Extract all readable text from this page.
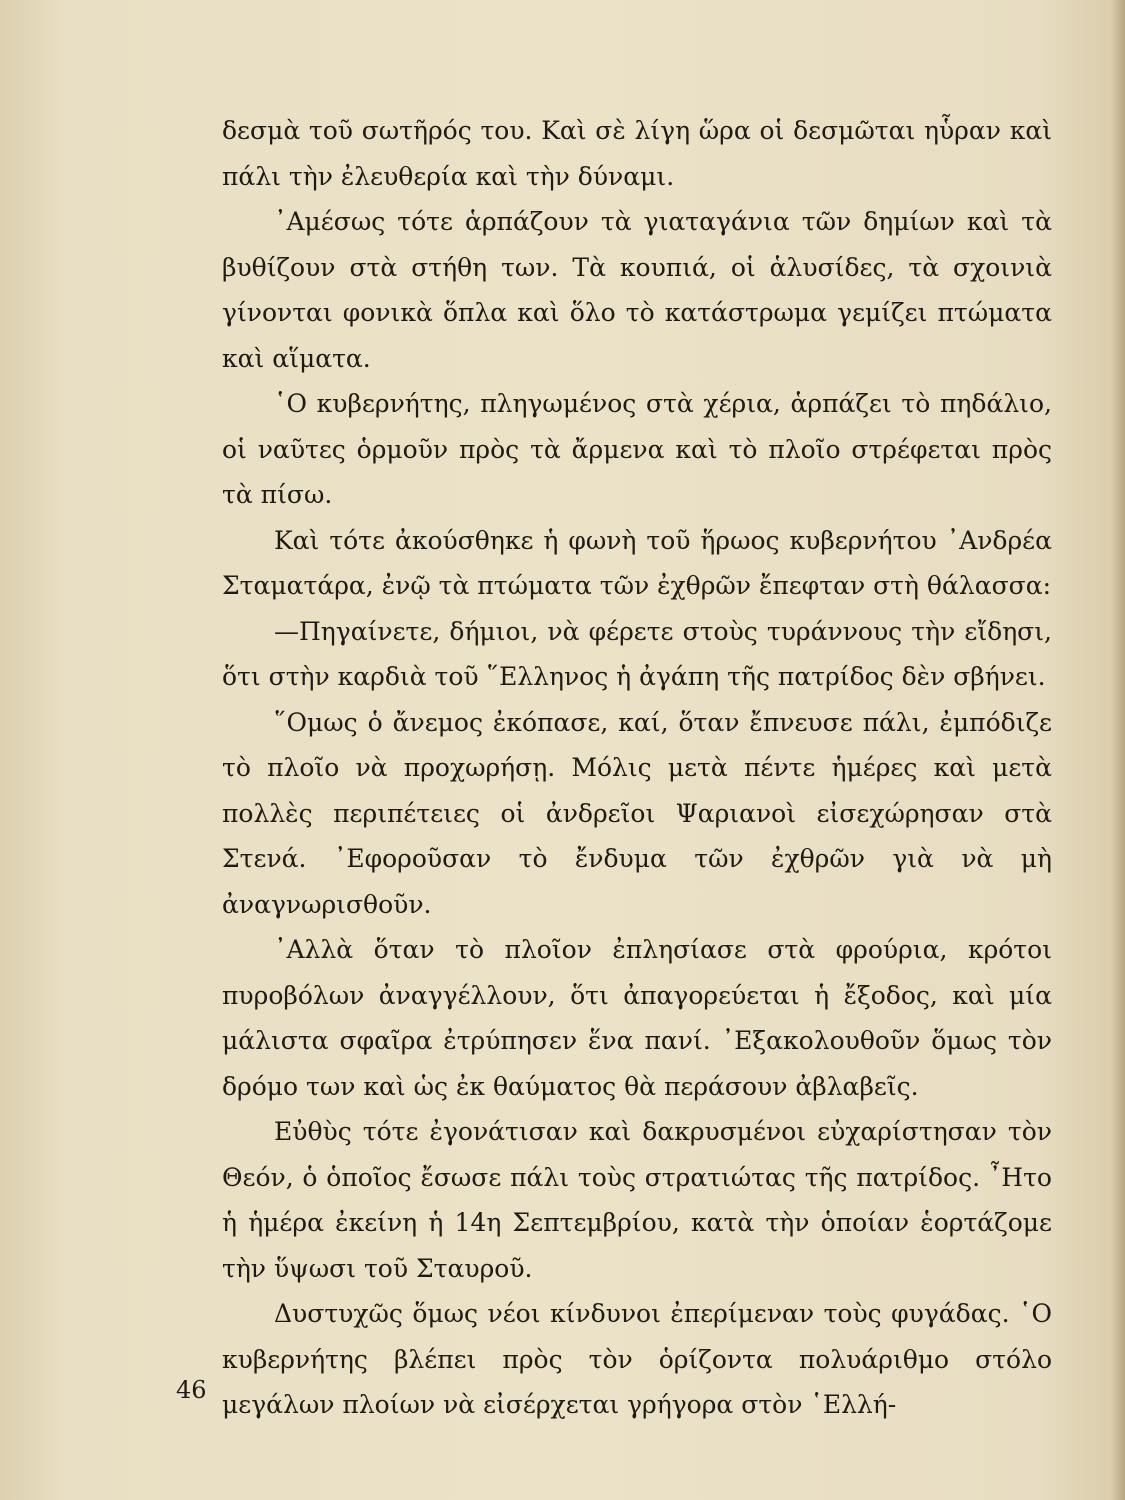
δεσμὰ τοῦ σωτῆρός του. Καὶ σὲ λίγη ὥρα οἱ δεσμῶται ηὗραν καὶ πάλι τὴν ἐλευθερία καὶ τὴν δύναμι.

᾿Αμέσως τότε ἁρπάζουν τὰ γιαταγάνια τῶν δημίων καὶ τὰ βυθίζουν στὰ στήθη των. Τὰ κουπιά, οἱ ἁλυσίδες, τὰ σχοινιὰ γίνονται φονικὰ ὅπλα καὶ ὅλο τὸ κατάστρωμα γεμίζει πτώματα καὶ αἵματα.

῾Ο κυβερνήτης, πληγωμένος στὰ χέρια, ἁρπάζει τὸ πηδάλιο, οἱ ναῦτες ὁρμοῦν πρὸς τὰ ἄρμενα καὶ τὸ πλοῖο στρέφεται πρὸς τὰ πίσω.

Καὶ τότε ἀκούσθηκε ἡ φωνὴ τοῦ ἥρωος κυβερνήτου ᾿Ανδρέα Σταματάρα, ἐνῷ τὰ πτώματα τῶν ἐχθρῶν ἔπεφταν στὴ θάλασσα:

—Πηγαίνετε, δήμιοι, νὰ φέρετε στοὺς τυράννους τὴν εἴδησι, ὅτι στὴν καρδιὰ τοῦ ῞Ελληνος ἡ ἀγάπη τῆς πατρίδος δὲν σβήνει.

῞Ομως ὁ ἄνεμος ἐκόπασε, καί, ὅταν ἔπνευσε πάλι, ἐμπόδιζε τὸ πλοῖο νὰ προχωρήσῃ. Μόλις μετὰ πέντε ἡμέρες καὶ μετὰ πολλὲς περιπέτειες οἱ ἀνδρεῖοι Ψαριανοὶ εἰσεχώρησαν στὰ Στενά. ᾿Εφοροῦσαν τὸ ἔνδυμα τῶν ἐχθρῶν γιὰ νὰ μὴ ἀναγνωρισθοῦν.

᾿Αλλὰ ὅταν τὸ πλοῖον ἐπλησίασε στὰ φρούρια, κρότοι πυροβόλων ἀναγγέλλουν, ὅτι ἀπαγορεύεται ἡ ἔξοδος, καὶ μία μάλιστα σφαῖρα ἐτρύπησεν ἕνα πανί. ᾿Εξακολουθοῦν ὅμως τὸν δρόμο των καὶ ὡς ἐκ θαύματος θὰ περάσουν ἀβλαβεῖς.

Εὐθὺς τότε ἐγονάτισαν καὶ δακρυσμένοι εὐχαρίστησαν τὸν Θεόν, ὁ ὁποῖος ἔσωσε πάλι τοὺς στρατιώτας τῆς πατρίδος. ῏Ητο ἡ ἡμέρα ἐκείνη ἡ 14η Σεπτεμβρίου, κατὰ τὴν ὁποίαν ἑορτάζομε τὴν ὕψωσι τοῦ Σταυροῦ.

Δυστυχῶς ὅμως νέοι κίνδυνοι ἐπερίμεναν τοὺς φυγάδας. ῾Ο κυβερνήτης βλέπει πρὸς τὸν ὁρίζοντα πολυάριθμο στόλο μεγάλων πλοίων νὰ εἰσέρχεται γρήγορα στὸν ῾Ελλή-

46
